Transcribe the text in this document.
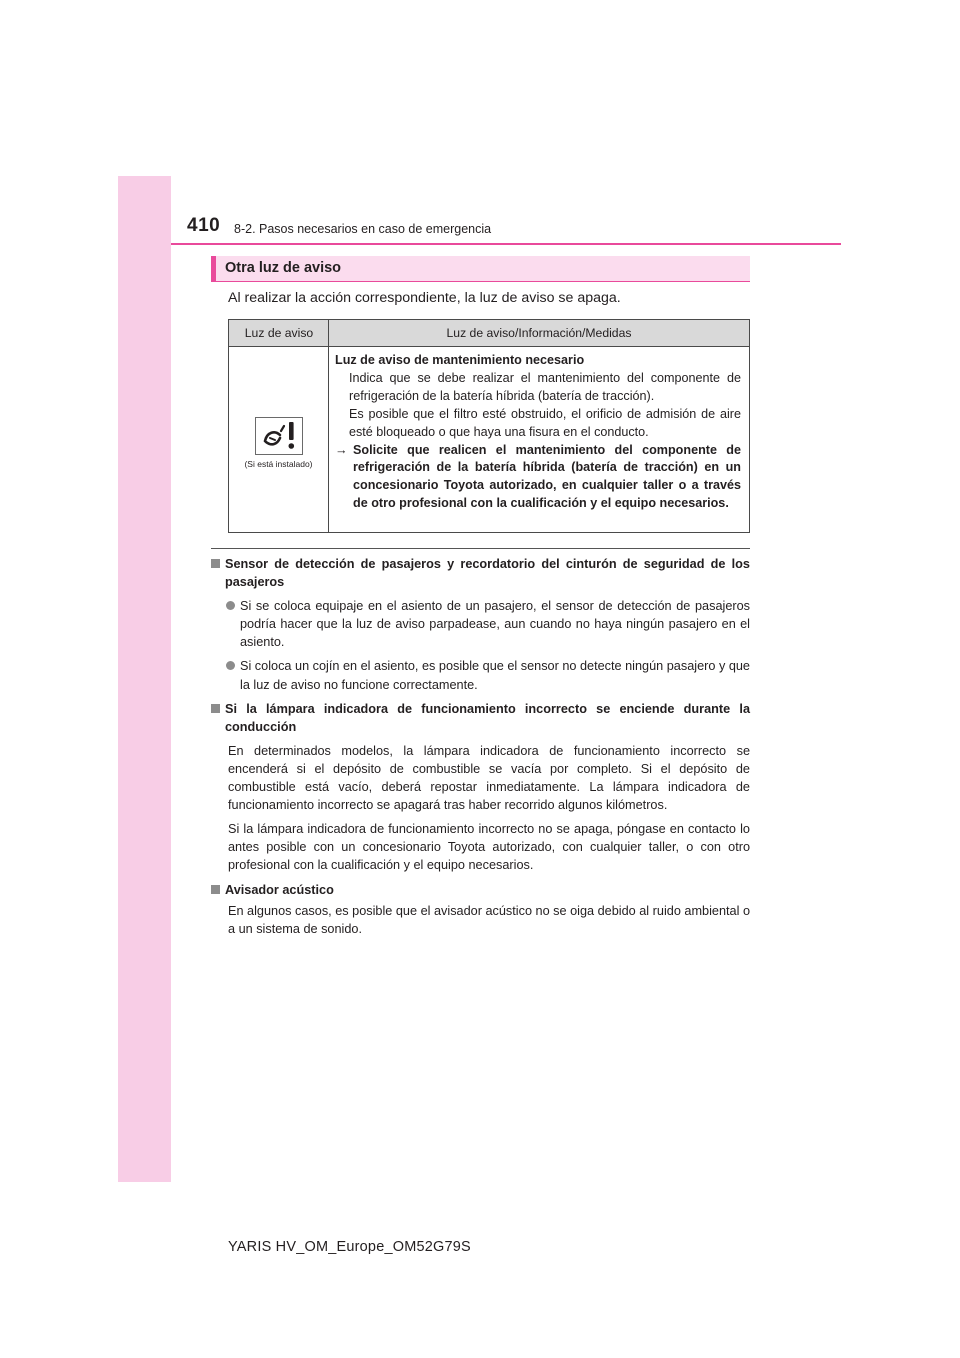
410 8-2. Pasos necesarios en caso de emergencia
Otra luz de aviso
Al realizar la acción correspondiente, la luz de aviso se apaga.
Luz de aviso	Luz de aviso/Información/Medidas
(Si está instalado)
Luz de aviso de mantenimiento necesario
Indica que se debe realizar el mantenimiento del componente de refrigeración de la batería híbrida (batería de tracción).
Es posible que el filtro esté obstruido, el orificio de admisión de aire esté bloqueado o que haya una fisura en el conducto.
→ Solicite que realicen el mantenimiento del componente de refrigeración de la batería híbrida (batería de tracción) en un concesionario Toyota autorizado, en cualquier taller o a través de otro profesional con la cualificación y el equipo necesarios.
Sensor de detección de pasajeros y recordatorio del cinturón de seguridad de los pasajeros
Si se coloca equipaje en el asiento de un pasajero, el sensor de detección de pasajeros podría hacer que la luz de aviso parpadease, aun cuando no haya ningún pasajero en el asiento.
Si coloca un cojín en el asiento, es posible que el sensor no detecte ningún pasajero y que la luz de aviso no funcione correctamente.
Si la lámpara indicadora de funcionamiento incorrecto se enciende durante la conducción
En determinados modelos, la lámpara indicadora de funcionamiento incorrecto se encenderá si el depósito de combustible se vacía por completo. Si el depósito de combustible está vacío, deberá repostar inmediatamente. La lámpara indicadora de funcionamiento incorrecto se apagará tras haber recorrido algunos kilómetros.
Si la lámpara indicadora de funcionamiento incorrecto no se apaga, póngase en contacto lo antes posible con un concesionario Toyota autorizado, con cualquier taller, o con otro profesional con la cualificación y el equipo necesarios.
Avisador acústico
En algunos casos, es posible que el avisador acústico no se oiga debido al ruido ambiental o a un sistema de sonido.
YARIS HV_OM_Europe_OM52G79S
